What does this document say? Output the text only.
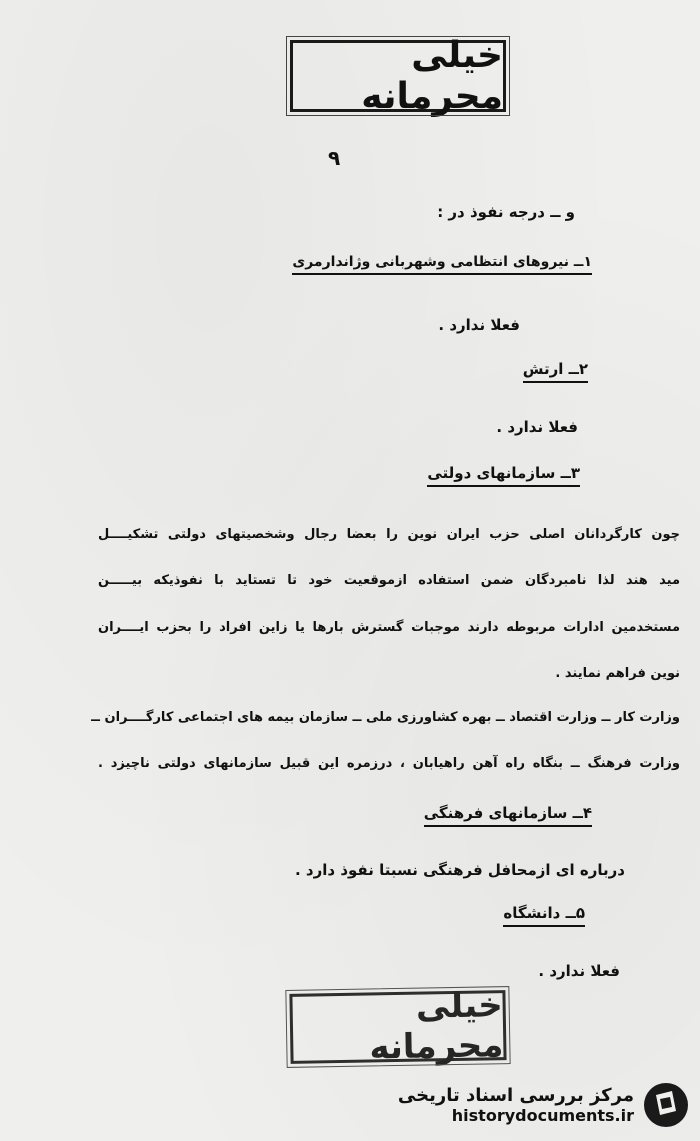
خیلی محرمانه
۹
و ــ درجه نفوذ در :
۱ــ نیروهای انتظامی وشهربانی وژاندارمری
فعلا ندارد .
۲ــ ارتش
فعلا ندارد .
۳ــ سازمانهای دولتی
چون کارگردانان اصلی حزب ایران نوین را بعضا رجال وشخصیتهای دولتی تشکیــــل
مید هند لذا نامبردگان ضمن استفاده ازموقعیت خود تا تستاید با نفوذیکه بیـــــن
مستخدمین ادارات مربوطه دارند موجبات گسترش بارها یا زاین افراد را بحزب ایــــران
نوین فراهم نمایند .
وزارت کار ــ وزارت اقتصاد ــ بهره کشاورزی ملی ــ سازمان بیمه های اجتماعی کارگــــران ــ
وزارت فرهنگ ــ بنگاه راه آهن راهیابان ، درزمره این قبیل سازمانهای دولتی ناچیزد .
۴ــ سازمانهای فرهنگی
درباره ای ازمحافل فرهنگی نسبتا نفوذ دارد .
۵ــ دانشگاه
فعلا ندارد .
خیلی محرمانه
مرکز بررسی اسناد تاریخی
historydocuments.ir
